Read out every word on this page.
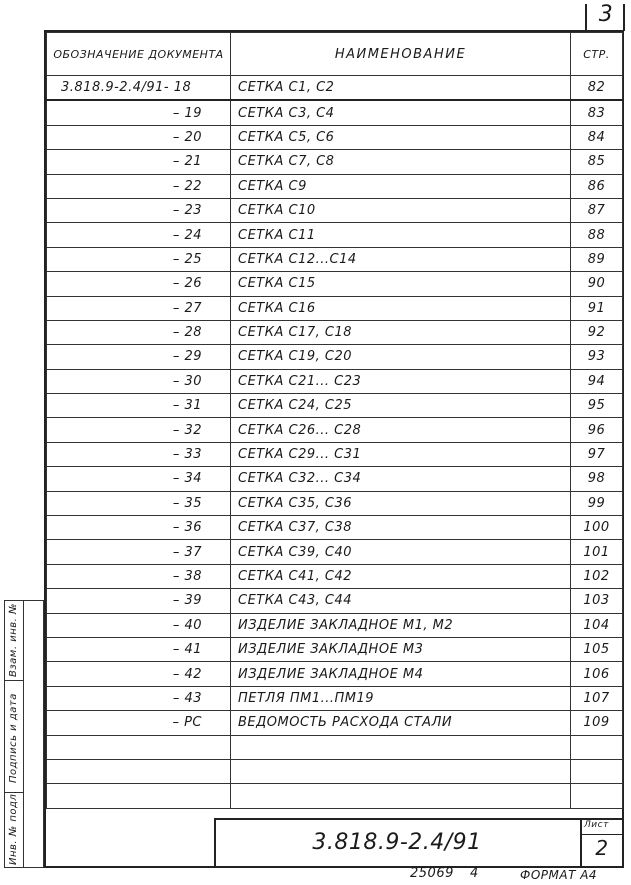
3
ОБОЗНАЧЕНИЕ ДОКУМЕНТА	НАИМЕНОВАНИЕ	СТР.
3.818.9-2.4/91- 18	СЕТКА С1, С2	82
– 19	СЕТКА С3, С4	83
– 20	СЕТКА С5, С6	84
– 21	СЕТКА С7, С8	85
– 22	СЕТКА С9	86
– 23	СЕТКА С10	87
– 24	СЕТКА С11	88
– 25	СЕТКА С12...С14	89
– 26	СЕТКА С15	90
– 27	СЕТКА С16	91
– 28	СЕТКА С17, С18	92
– 29	СЕТКА С19, С20	93
– 30	СЕТКА С21... С23	94
– 31	СЕТКА С24, С25	95
– 32	СЕТКА С26... С28	96
– 33	СЕТКА С29... С31	97
– 34	СЕТКА С32... С34	98
– 35	СЕТКА С35, С36	99
– 36	СЕТКА С37, С38	100
– 37	СЕТКА С39, С40	101
– 38	СЕТКА С41, С42	102
– 39	СЕТКА С43, С44	103
– 40	ИЗДЕЛИЕ ЗАКЛАДНОЕ М1, М2	104
– 41	ИЗДЕЛИЕ ЗАКЛАДНОЕ М3	105
– 42	ИЗДЕЛИЕ ЗАКЛАДНОЕ М4	106
– 43	ПЕТЛЯ ПМ1...ПМ19	107
– РС	ВЕДОМОСТЬ РАСХОДА СТАЛИ	109

Взам. инв. №
Подпись и дата
Инв. № подл.	3.818.9-2.4/91
Лист
2
25069 4	ФОРМАТ А4
